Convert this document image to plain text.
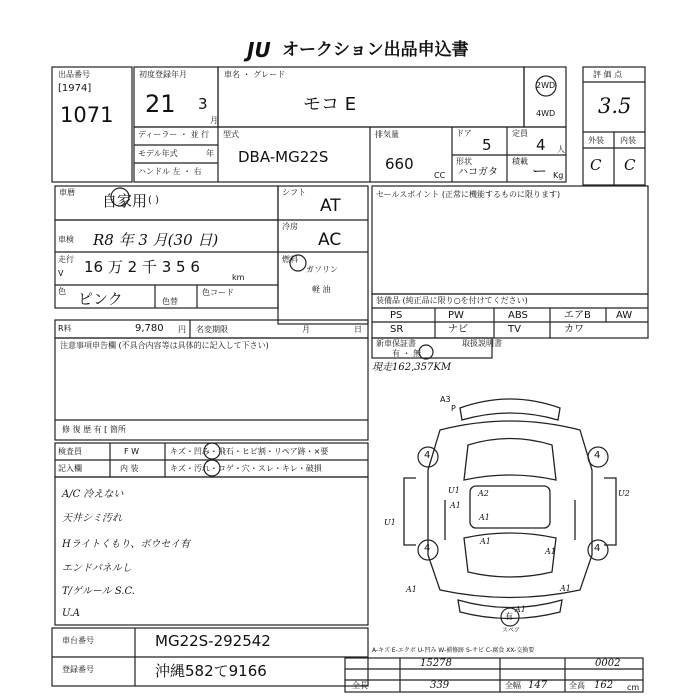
JU オークション出品申込書
出品番号
[1974]
1071
初度登録年月
21 3
月
車名 ・ グレード
モコ E
2WD
4WD
評 価 点
3.5
外装 内装
C C
ディーラー ・ 並 行
モデル年式	年
ハンドル 左 ・ 右
型式
DBA-MG22S
排気量
660
CC
ドア
5
定員
4 人
形状
ハコガタ
積載
ー Kg
車暦 自家用 ( )
シフト
AT
冷房
AC
燃料
ガソリン
軽 油
車検 R8 年 3 月(30 日)
走行
V 16 万 2 千 3 5 6
km
色 ピンク	色替
色コード
R料	9,780 円 名変期限	月	日
セールスポイント (正常に機能するものに限ります)
装備品 (純正品に限り○を付けてください)
PS	PW	ABS	エアB	AW
SR	ナビ	TV	カワ
新車保証書
有 ・ 無
取扱説明書
現走162,357KM
注意事項申告欄 (不具合内容等は具体的に記入して下さい)
修 復 歴 有 [ 箇所
検査員	F W	キズ・凹み・飛石・ヒビ割・リペア跡・×要
記入欄	内 装	キズ・汚れ・コゲ・穴・スレ・キレ・破損
A/C 冷えない
天井シミ汚れ
Hライトくもり、ボウセイ有
エンドパネルし
T/ゲルール S.C.
U.A
車台番号	MG22S-292542
登録番号	沖縄582て9166
A-キズ E-エクボ U-凹み W-補修跡 S-サビ C-腐食 XX-交換要
15278	0002
全長	339	全幅 147	全高 162 cm
A3
P
4	4
4	4
U1 A2	U2
A1
A1
U1
A1
A1
A1	A1
A1
有
スペア
